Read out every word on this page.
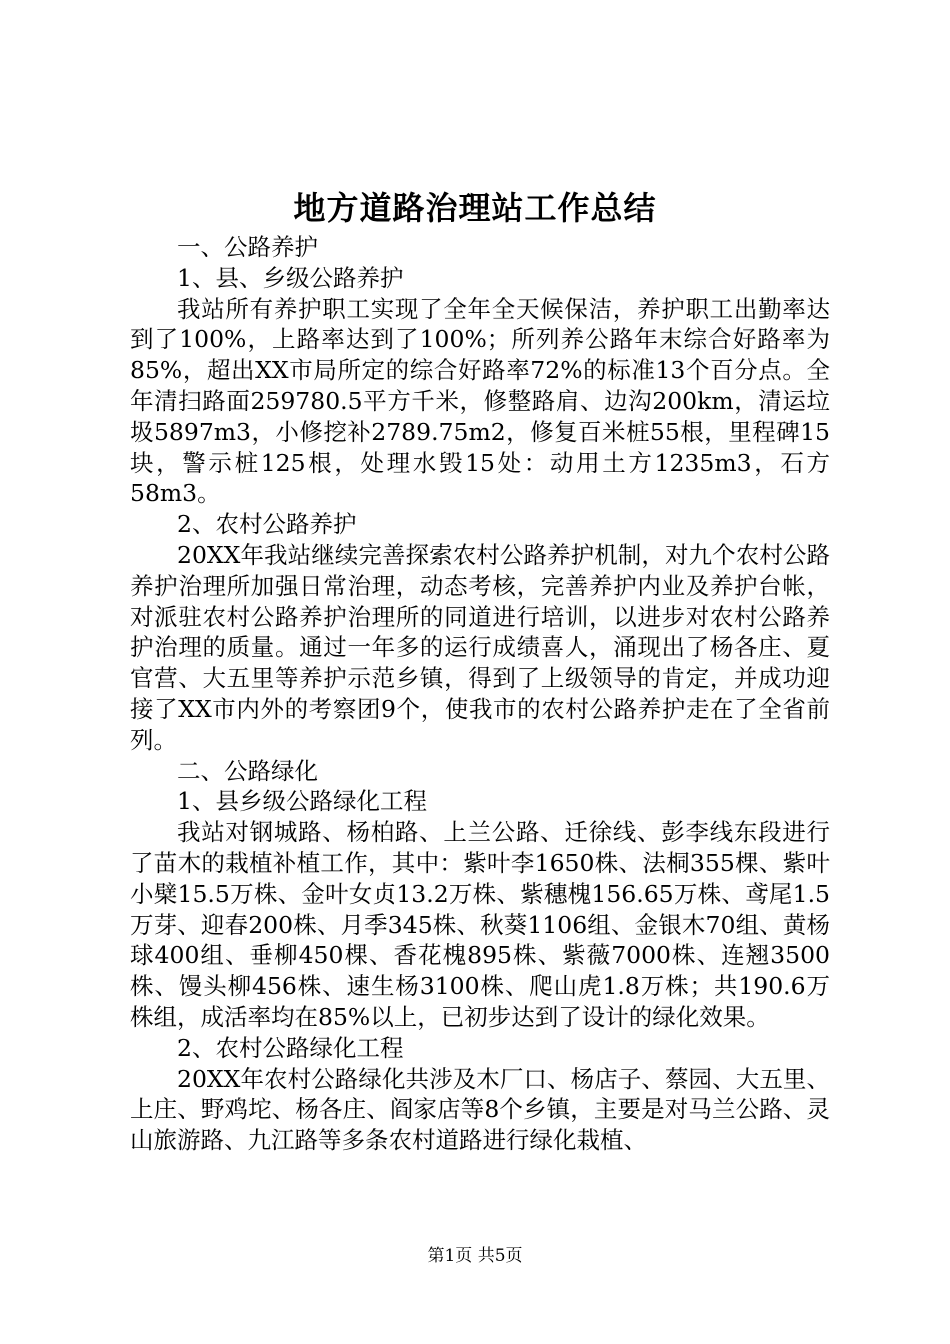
地方道路治理站工作总结

一、公路养护

1、县、乡级公路养护

我站所有养护职工实现了全年全天候保洁，养护职工出勤率达到了100%，上路率达到了100%；所列养公路年末综合好路率为85%，超出XX市局所定的综合好路率72%的标准13个百分点。全年清扫路面259780.5平方千米，修整路肩、边沟200km，清运垃圾5897m3，小修挖补2789.75m2，修复百米桩55根，里程碑15块，警示桩125根，处理水毁15处：动用土方1235m3，石方58m3。

2、农村公路养护

20XX年我站继续完善探索农村公路养护机制，对九个农村公路养护治理所加强日常治理，动态考核，完善养护内业及养护台帐，对派驻农村公路养护治理所的同道进行培训，以进步对农村公路养护治理的质量。通过一年多的运行成绩喜人，涌现出了杨各庄、夏官营、大五里等养护示范乡镇，得到了上级领导的肯定，并成功迎接了XX市内外的考察团9个，使我市的农村公路养护走在了全省前列。

二、公路绿化

1、县乡级公路绿化工程

我站对钢城路、杨柏路、上兰公路、迁徐线、彭李线东段进行了苗木的栽植补植工作，其中：紫叶李1650株、法桐355棵、紫叶小檗15.5万株、金叶女贞13.2万株、紫穗槐156.65万株、鸢尾1.5万芽、迎春200株、月季345株、秋葵1106组、金银木70组、黄杨球400组、垂柳450棵、香花槐895株、紫薇7000株、连翘3500株、馒头柳456株、速生杨3100株、爬山虎1.8万株；共190.6万株组，成活率均在85%以上，已初步达到了设计的绿化效果。

2、农村公路绿化工程

20XX年农村公路绿化共涉及木厂口、杨店子、蔡园、大五里、上庄、野鸡坨、杨各庄、阎家店等8个乡镇，主要是对马兰公路、灵山旅游路、九江路等多条农村道路进行绿化栽植、

第1页 共5页
